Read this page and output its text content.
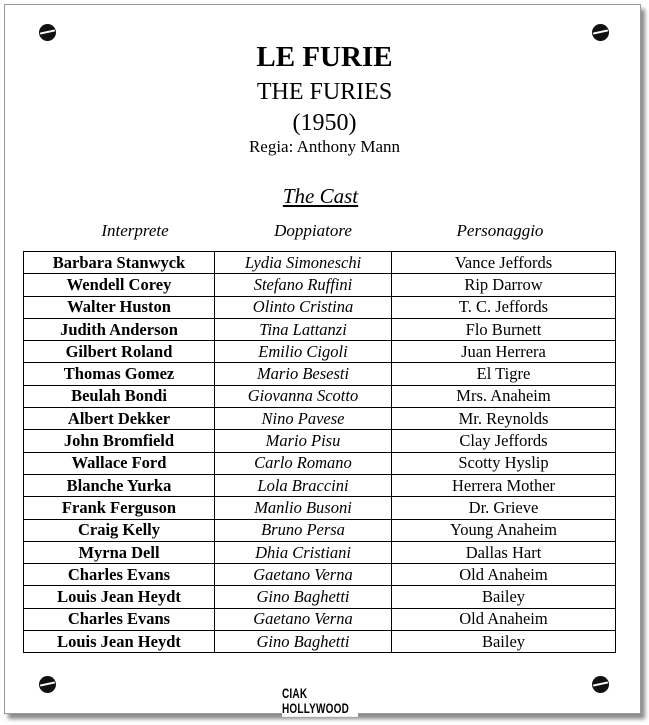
LE FURIE
THE FURIES
(1950)
Regia: Anthony Mann
The Cast
Interprete	Doppiatore	Personaggio
Barbara Stanwyck	Lydia Simoneschi	Vance Jeffords
Wendell Corey	Stefano Ruffini	Rip Darrow
Walter Huston	Olinto Cristina	T. C. Jeffords
Judith Anderson	Tina Lattanzi	Flo Burnett
Gilbert Roland	Emilio Cigoli	Juan Herrera
Thomas Gomez	Mario Besesti	El Tigre
Beulah Bondi	Giovanna Scotto	Mrs. Anaheim
Albert Dekker	Nino Pavese	Mr. Reynolds
John Bromfield	Mario Pisu	Clay Jeffords
Wallace Ford	Carlo Romano	Scotty Hyslip
Blanche Yurka	Lola Braccini	Herrera Mother
Frank Ferguson	Manlio Busoni	Dr. Grieve
Craig Kelly	Bruno Persa	Young Anaheim
Myrna Dell	Dhia Cristiani	Dallas Hart
Charles Evans	Gaetano Verna	Old Anaheim
Louis Jean Heydt	Gino Baghetti	Bailey
Charles Evans	Gaetano Verna	Old Anaheim
Louis Jean Heydt	Gino Baghetti	Bailey
CIAK HOLLYWOOD
